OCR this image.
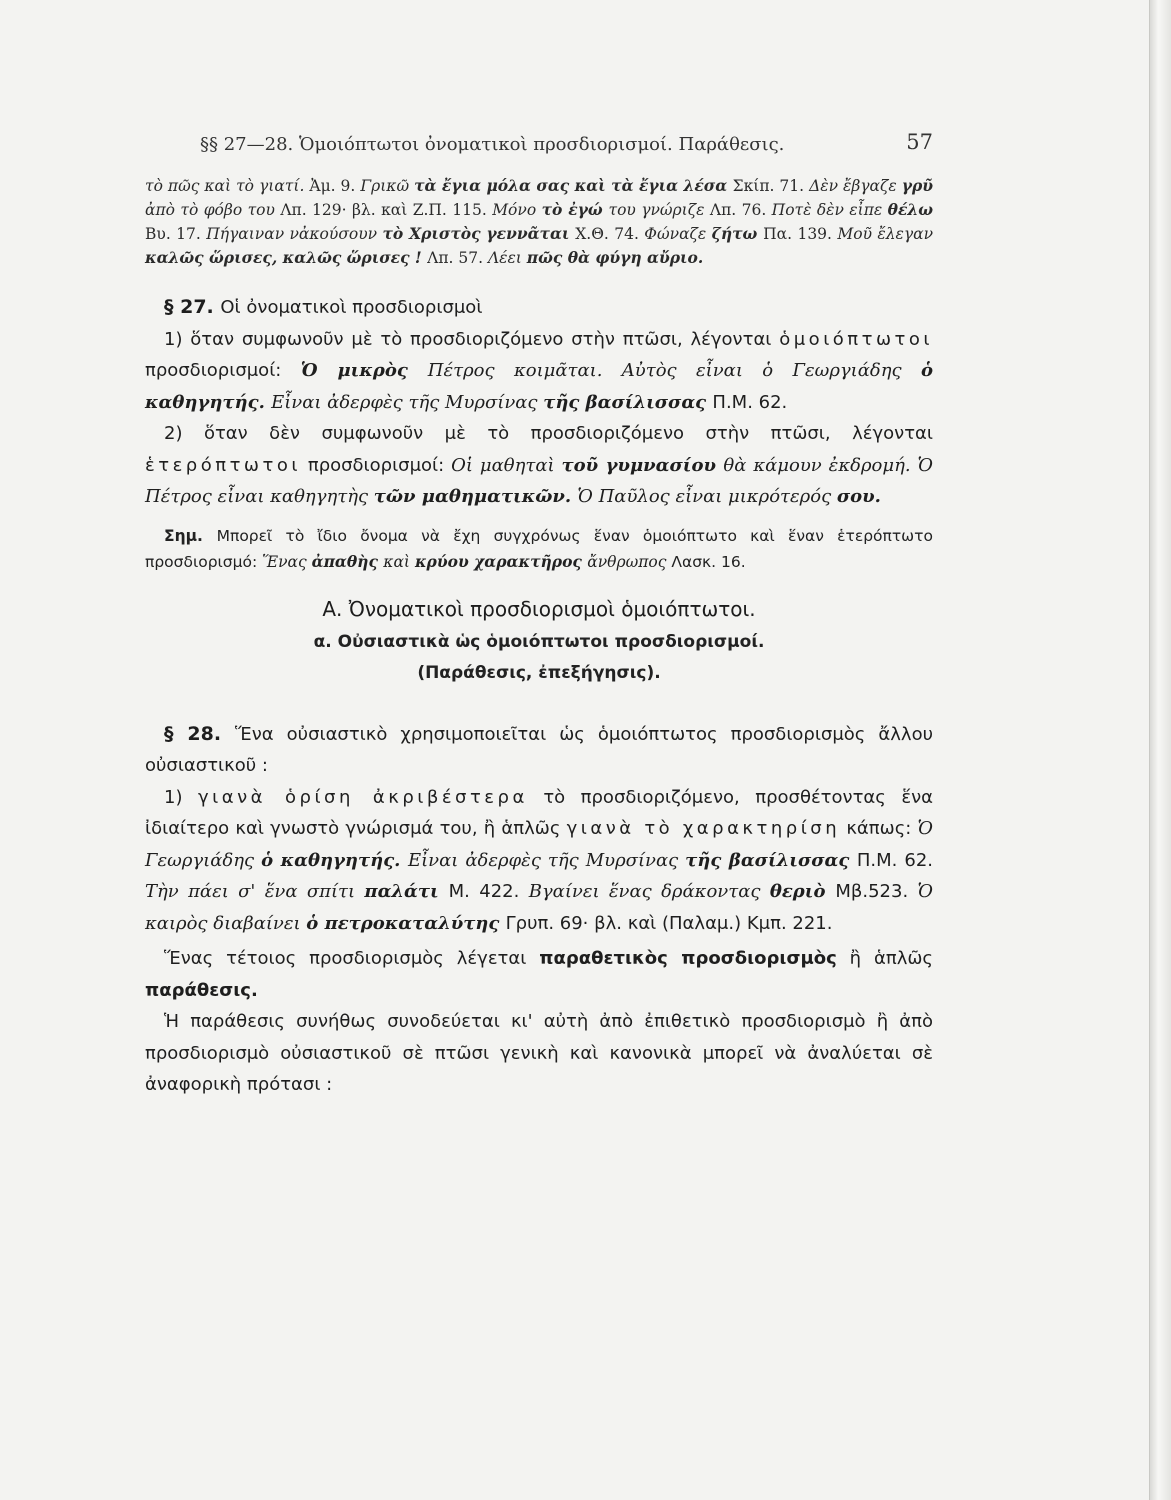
§§ 27—28. Ὁμοιόπτωτοι ὀνοματικοὶ προσδιορισμοί. Παράθεσις.	57
τὸ πῶς καὶ τὸ γιατί. Ἀμ. 9. Γρικῶ τὰ ἔγια μόλα σας καὶ τὰ ἔγια λέσα Σκίπ. 71. Δὲν ἔβγαζε γρῦ ἀπὸ τὸ φόβο του Λπ. 129· βλ. καὶ Ζ.Π. 115. Μόνο τὸ ἐγώ του γνώριζε Λπ. 76. Ποτὲ δὲν εἶπε θέλω Βυ. 17. Πήγαιναν νἀκούσουν τὸ Χριστὸς γεννᾶται Χ.Θ. 74. Φώναζε ζήτω Πα. 139. Μοῦ ἔλεγαν καλῶς ὥρισες, καλῶς ὥρισες ! Λπ. 57. Λέει πῶς θὰ φύγη αὔριο.
§ 27. Οἱ ὀνοματικοὶ προσδιορισμοὶ
1) ὅταν συμφωνοῦν μὲ τὸ προσδιοριζόμενο στὴν πτῶσι, λέγονται ὁμοιόπτωτοι προσδιορισμοί: Ὁ μικρὸς Πέτρος κοιμᾶται. Αὐτὸς εἶναι ὁ Γεωργιάδης ὁ καθηγητής. Εἶναι ἀδερφὲς τῆς Μυρσίνας τῆς βασίλισσας Π.Μ. 62.
2) ὅταν δὲν συμφωνοῦν μὲ τὸ προσδιοριζόμενο στὴν πτῶσι, λέγονται ἑτερόπτωτοι προσδιορισμοί: Οἱ μαθηταὶ τοῦ γυμνασίου θὰ κάμουν ἐκδρομή. Ὁ Πέτρος εἶναι καθηγητὴς τῶν μαθηματικῶν. Ὁ Παῦλος εἶναι μικρότερός σου.
Σημ. Μπορεῖ τὸ ἴδιο ὄνομα νὰ ἔχη συγχρόνως ἕναν ὁμοιόπτωτο καὶ ἕναν ἑτερόπτωτο προσδιορισμό: Ἕνας ἀπαθὴς καὶ κρύου χαρακτῆρος ἄνθρωπος Λασκ. 16.
Α. Ὀνοματικοὶ προσδιορισμοὶ ὁμοιόπτωτοι.
α. Οὐσιαστικὰ ὡς ὁμοιόπτωτοι προσδιορισμοί.
(Παράθεσις, ἐπεξήγησις).
§ 28. Ἕνα οὐσιαστικὸ χρησιμοποιεῖται ὡς ὁμοιόπτωτος προσδιορισμὸς ἄλλου οὐσιαστικοῦ :
1) γιανὰ ὁρίση ἀκριβέστερα τὸ προσδιοριζόμενο, προσθέτοντας ἕνα ἰδιαίτερο καὶ γνωστὸ γνώρισμά του, ἢ ἁπλῶς γιανὰ τὸ χαρακτηρίση κάπως: Ὁ Γεωργιάδης ὁ καθηγητής. Εἶναι ἀδερφὲς τῆς Μυρσίνας τῆς βασίλισσας Π.Μ. 62. Τὴν πάει σ' ἕνα σπίτι παλάτι Μ. 422. Βγαίνει ἕνας δράκοντας θεριὸ Μβ.523. Ὁ καιρὸς διαβαίνει ὁ πετροκαταλύτης Γρυπ. 69· βλ. καὶ (Παλαμ.) Κμπ. 221.
Ἕνας τέτοιος προσδιορισμὸς λέγεται παραθετικὸς προσδιορισμὸς ἢ ἁπλῶς παράθεσις.
Ἡ παράθεσις συνήθως συνοδεύεται κι' αὐτὴ ἀπὸ ἐπιθετικὸ προσδιορισμὸ ἢ ἀπὸ προσδιορισμὸ οὐσιαστικοῦ σὲ πτῶσι γενικὴ καὶ κανονικὰ μπορεῖ νὰ ἀναλύεται σὲ ἀναφορικὴ πρότασι :
